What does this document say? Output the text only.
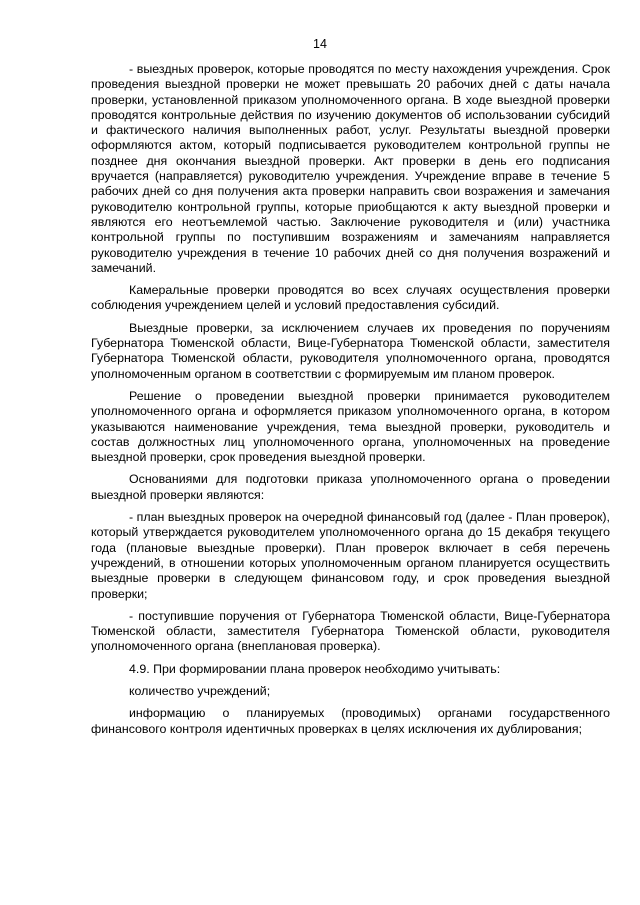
14

- выездных проверок, которые проводятся по месту нахождения учреждения. Срок проведения выездной проверки не может превышать 20 рабочих дней с даты начала проверки, установленной приказом уполномоченного органа. В ходе выездной проверки проводятся контрольные действия по изучению документов об использовании субсидий и фактического наличия выполненных работ, услуг. Результаты выездной проверки оформляются актом, который подписывается руководителем контрольной группы не позднее дня окончания выездной проверки. Акт проверки в день его подписания вручается (направляется) руководителю учреждения. Учреждение вправе в течение 5 рабочих дней со дня получения акта проверки направить свои возражения и замечания руководителю контрольной группы, которые приобщаются к акту выездной проверки и являются его неотъемлемой частью. Заключение руководителя и (или) участника контрольной группы по поступившим возражениям и замечаниям направляется руководителю учреждения в течение 10 рабочих дней со дня получения возражений и замечаний.

Камеральные проверки проводятся во всех случаях осуществления проверки соблюдения учреждением целей и условий предоставления субсидий.

Выездные проверки, за исключением случаев их проведения по поручениям Губернатора Тюменской области, Вице-Губернатора Тюменской области, заместителя Губернатора Тюменской области, руководителя уполномоченного органа, проводятся уполномоченным органом в соответствии с формируемым им планом проверок.

Решение о проведении выездной проверки принимается руководителем уполномоченного органа и оформляется приказом уполномоченного органа, в котором указываются наименование учреждения, тема выездной проверки, руководитель и состав должностных лиц уполномоченного органа, уполномоченных на проведение выездной проверки, срок проведения выездной проверки.

Основаниями для подготовки приказа уполномоченного органа о проведении выездной проверки являются:

- план выездных проверок на очередной финансовый год (далее - План проверок), который утверждается руководителем уполномоченного органа до 15 декабря текущего года (плановые выездные проверки). План проверок включает в себя перечень учреждений, в отношении которых уполномоченным органом планируется осуществить выездные проверки в следующем финансовом году, и срок проведения выездной проверки;

- поступившие поручения от Губернатора Тюменской области, Вице-Губернатора Тюменской области, заместителя Губернатора Тюменской области, руководителя уполномоченного органа (внеплановая проверка).

4.9. При формировании плана проверок необходимо учитывать:

количество учреждений;

информацию о планируемых (проводимых) органами государственного финансового контроля идентичных проверках в целях исключения их дублирования;
